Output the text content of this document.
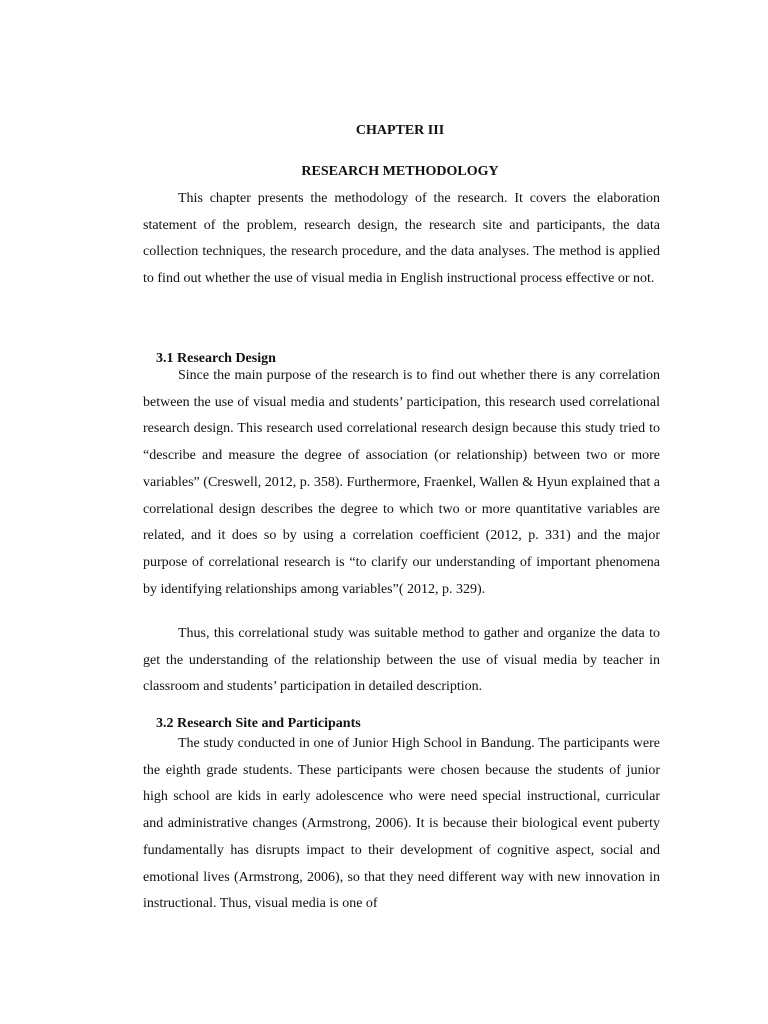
CHAPTER III
RESEARCH METHODOLOGY

This chapter presents the methodology of the research. It covers the elaboration statement of the problem, research design, the research site and participants, the data collection techniques, the research procedure, and the data analyses. The method is applied to find out whether the use of visual media in English instructional process effective or not.

3.1 Research Design

Since the main purpose of the research is to find out whether there is any correlation between the use of visual media and students’ participation, this research used correlational research design. This research used correlational research design because this study tried to “describe and measure the degree of association (or relationship) between two or more variables” (Creswell, 2012, p. 358). Furthermore, Fraenkel, Wallen & Hyun explained that a correlational design describes the degree to which two or more quantitative variables are related, and it does so by using a correlation coefficient (2012, p. 331) and the major purpose of correlational research is “to clarify our understanding of important phenomena by identifying relationships among variables”( 2012, p. 329).

Thus, this correlational study was suitable method to gather and organize the data to get the understanding of the relationship between the use of visual media by teacher in classroom and students’ participation in detailed description.

3.2 Research Site and Participants

The study conducted in one of Junior High School in Bandung. The participants were the eighth grade students. These participants were chosen because the students of junior high school are kids in early adolescence who were need special instructional, curricular and administrative changes (Armstrong, 2006). It is because their biological event puberty fundamentally has disrupts impact to their development of cognitive aspect, social and emotional lives (Armstrong, 2006), so that they need different way with new innovation in instructional. Thus, visual media is one of
